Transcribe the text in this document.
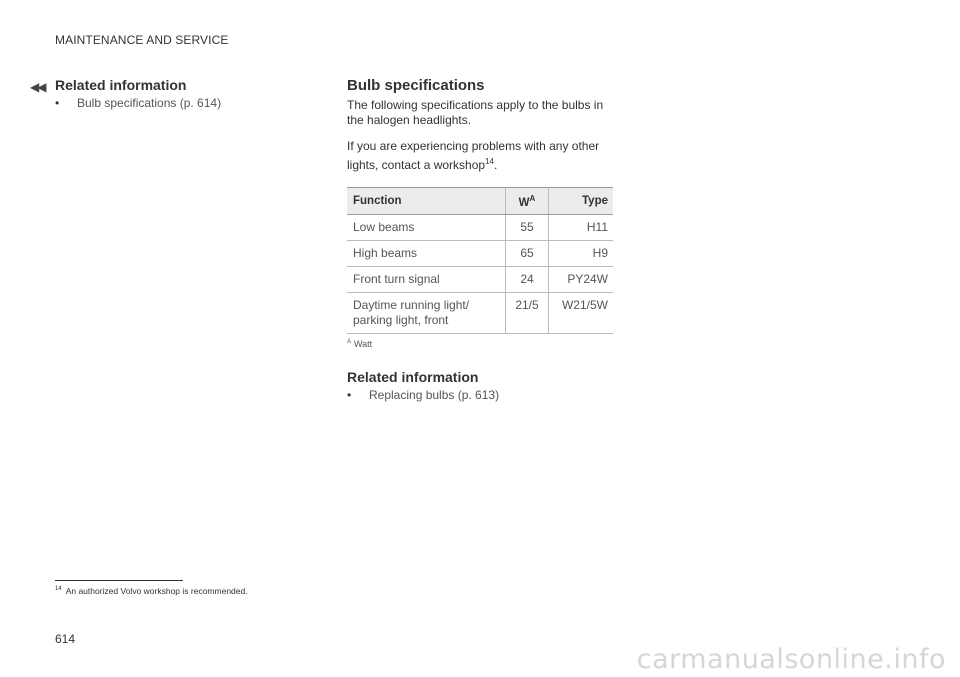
MAINTENANCE AND SERVICE
◀◀ Related information
• Bulb specifications (p. 614)
Bulb specifications

The following specifications apply to the bulbs in the halogen headlights.

If you are experiencing problems with any other lights, contact a workshop$^{14}$.

Function	$W^A$	Type
Low beams	55	H11
High beams	65	H9
Front turn signal	24	PY24W
Daytime running light/ parking light, front	21/5	W21/5W
$^A$ Watt
Related information
• Replacing bulbs (p. 613)
$^{14}$ An authorized Volvo workshop is recommended.
614
carmanualsonline.info
